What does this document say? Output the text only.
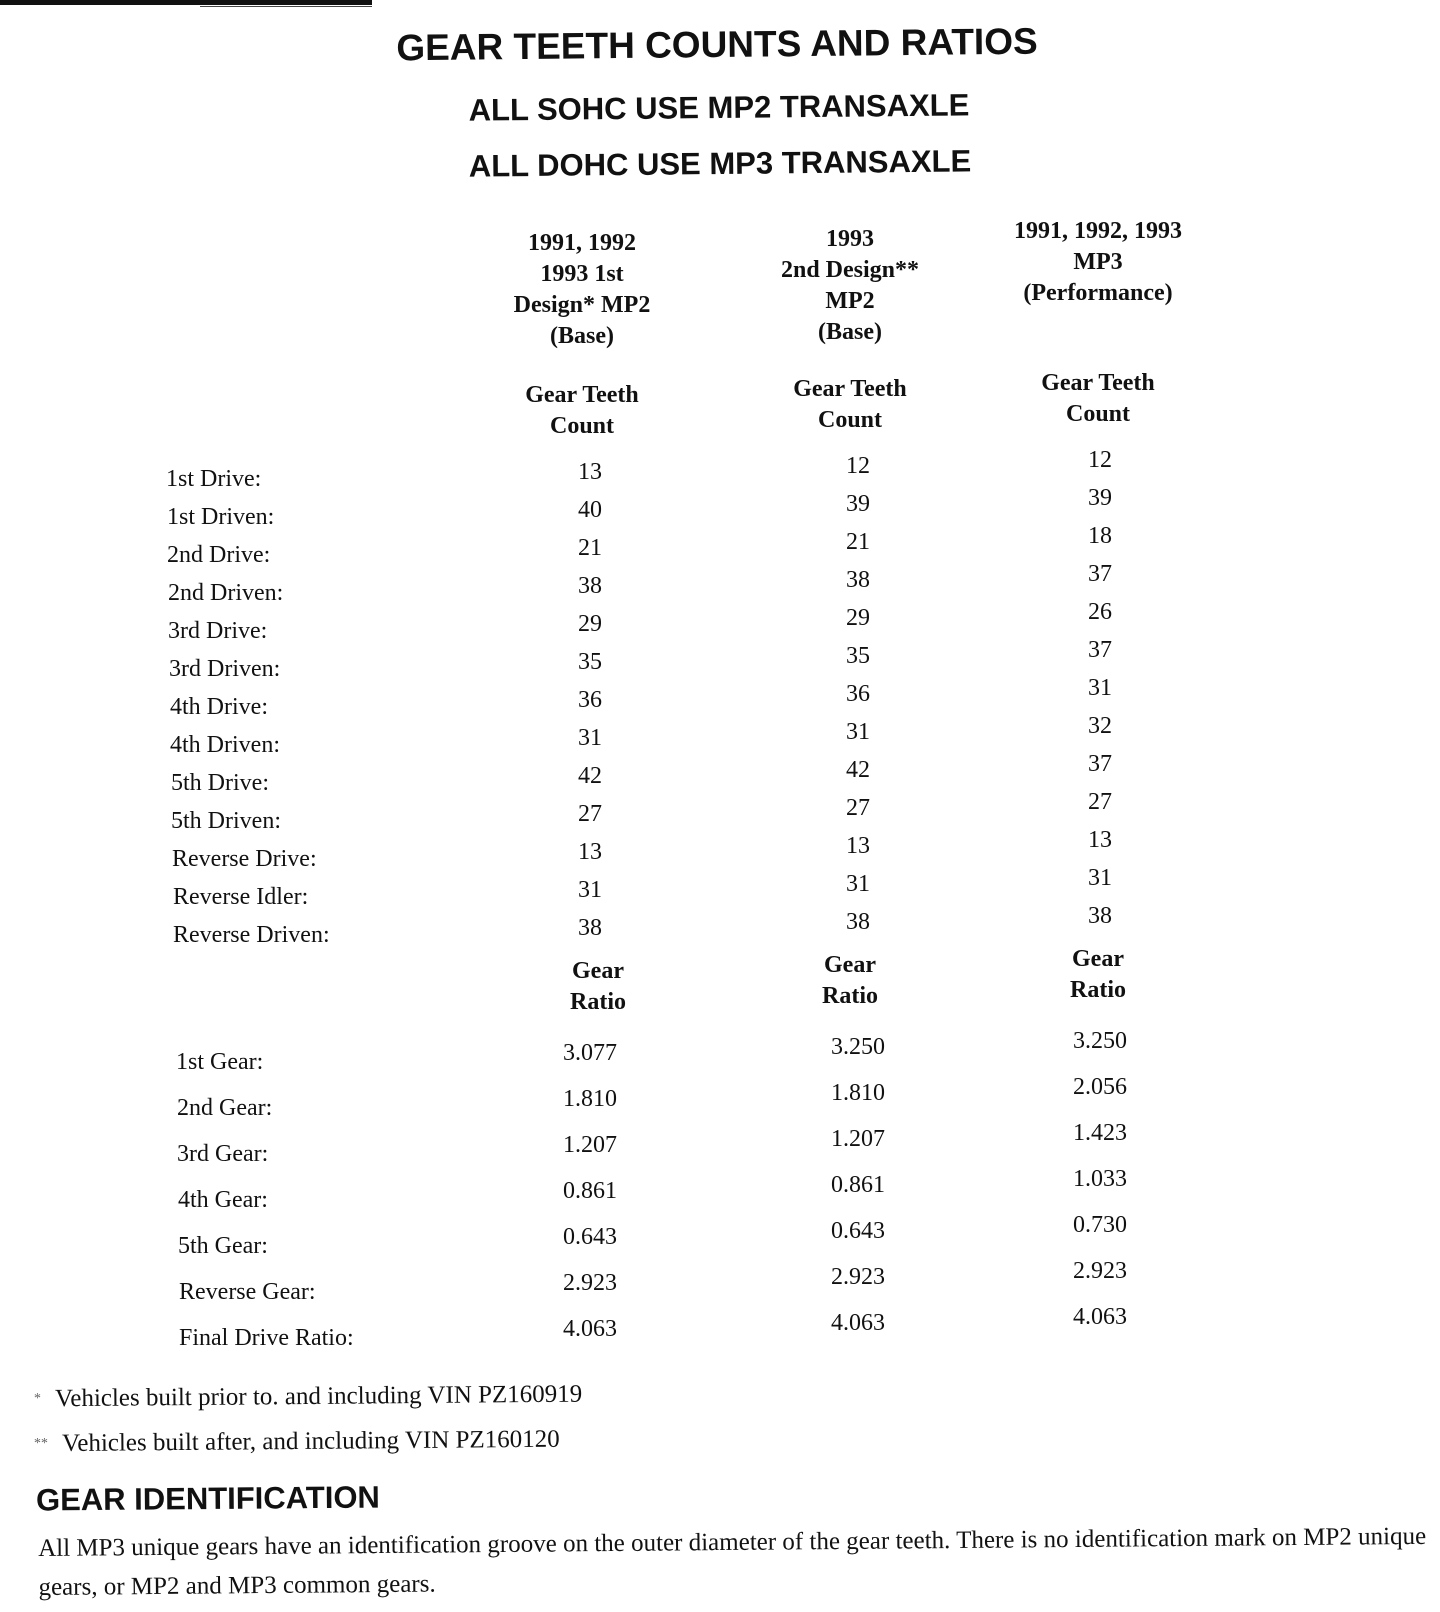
GEAR TEETH COUNTS AND RATIOS
ALL SOHC USE MP2 TRANSAXLE
ALL DOHC USE MP3 TRANSAXLE
1991, 1992
1993 1st
Design* MP2
(Base)
1993
2nd Design**
MP2
(Base)
1991, 1992, 1993
MP3
(Performance)
Gear Teeth
Count
Gear Teeth
Count
Gear Teeth
Count
Gear
Ratio
Gear
Ratio
Gear
Ratio
1st Drive:	13	12	12
1st Driven:	40	39	39
2nd Drive:	21	21	18
2nd Driven:	38	38	37
3rd Drive:	29	29	26
3rd Driven:	35	35	37
4th Drive:	36	36	31
4th Driven:	31	31	32
5th Drive:	42	42	37
5th Driven:	27	27	27
Reverse Drive:	13	13	13
Reverse Idler:	31	31	31
Reverse Driven:	38	38	38
1st Gear:	3.077	3.250	3.250
2nd Gear:	1.810	1.810	2.056
3rd Gear:	1.207	1.207	1.423
4th Gear:	0.861	0.861	1.033
5th Gear:	0.643	0.643	0.730
Reverse Gear:	2.923	2.923	2.923
Final Drive Ratio:	4.063	4.063	4.063
* Vehicles built prior to. and including VIN PZ160919
** Vehicles built after, and including VIN PZ160120
GEAR IDENTIFICATION
All MP3 unique gears have an identification groove on the outer diameter of the gear teeth. There is no identification mark on MP2 unique gears, or MP2 and MP3 common gears.
